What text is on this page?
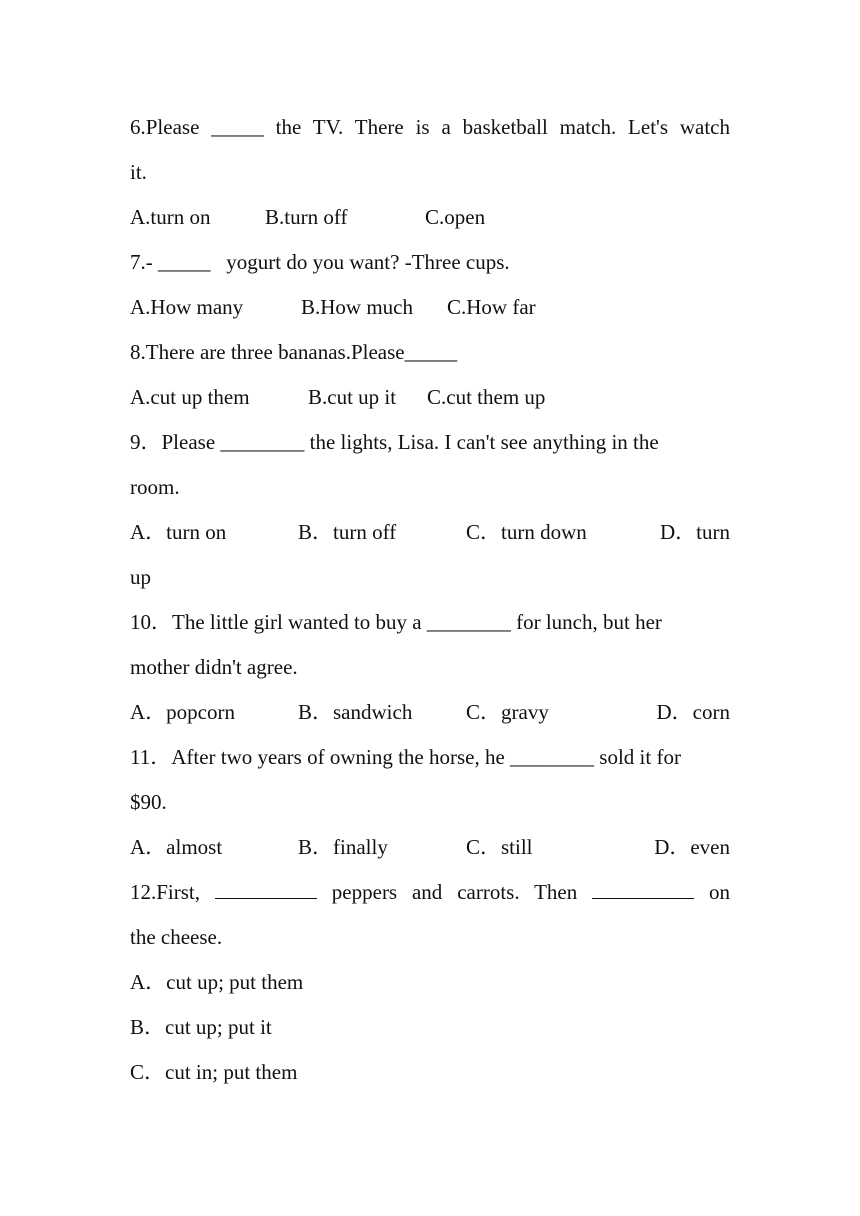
6.Please _____ the TV. There is a basketball match. Let's watch
it.
A.turn on	B.turn off	C.open
7.- _____   yogurt do you want? -Three cups.
A.How many	B.How much	C.How far
8.There are three bananas.Please_____
A.cut up them	B.cut up it	C.cut them up
9．Please ________ the lights, Lisa. I can't see anything in the
room.
A．turn on	B．turn off	C．turn down	D．turn
up
10．The little girl wanted to buy a ________ for lunch, but her
mother didn't agree.
A．popcorn	B．sandwich	C．gravy	D．corn
11．After two years of owning the horse, he ________ sold it for
$90.
A．almost	B．finally	C．still	D．even
12.First,	peppers and carrots. Then	on
the cheese.
A．cut up; put them
B．cut up; put it
C．cut in; put them
